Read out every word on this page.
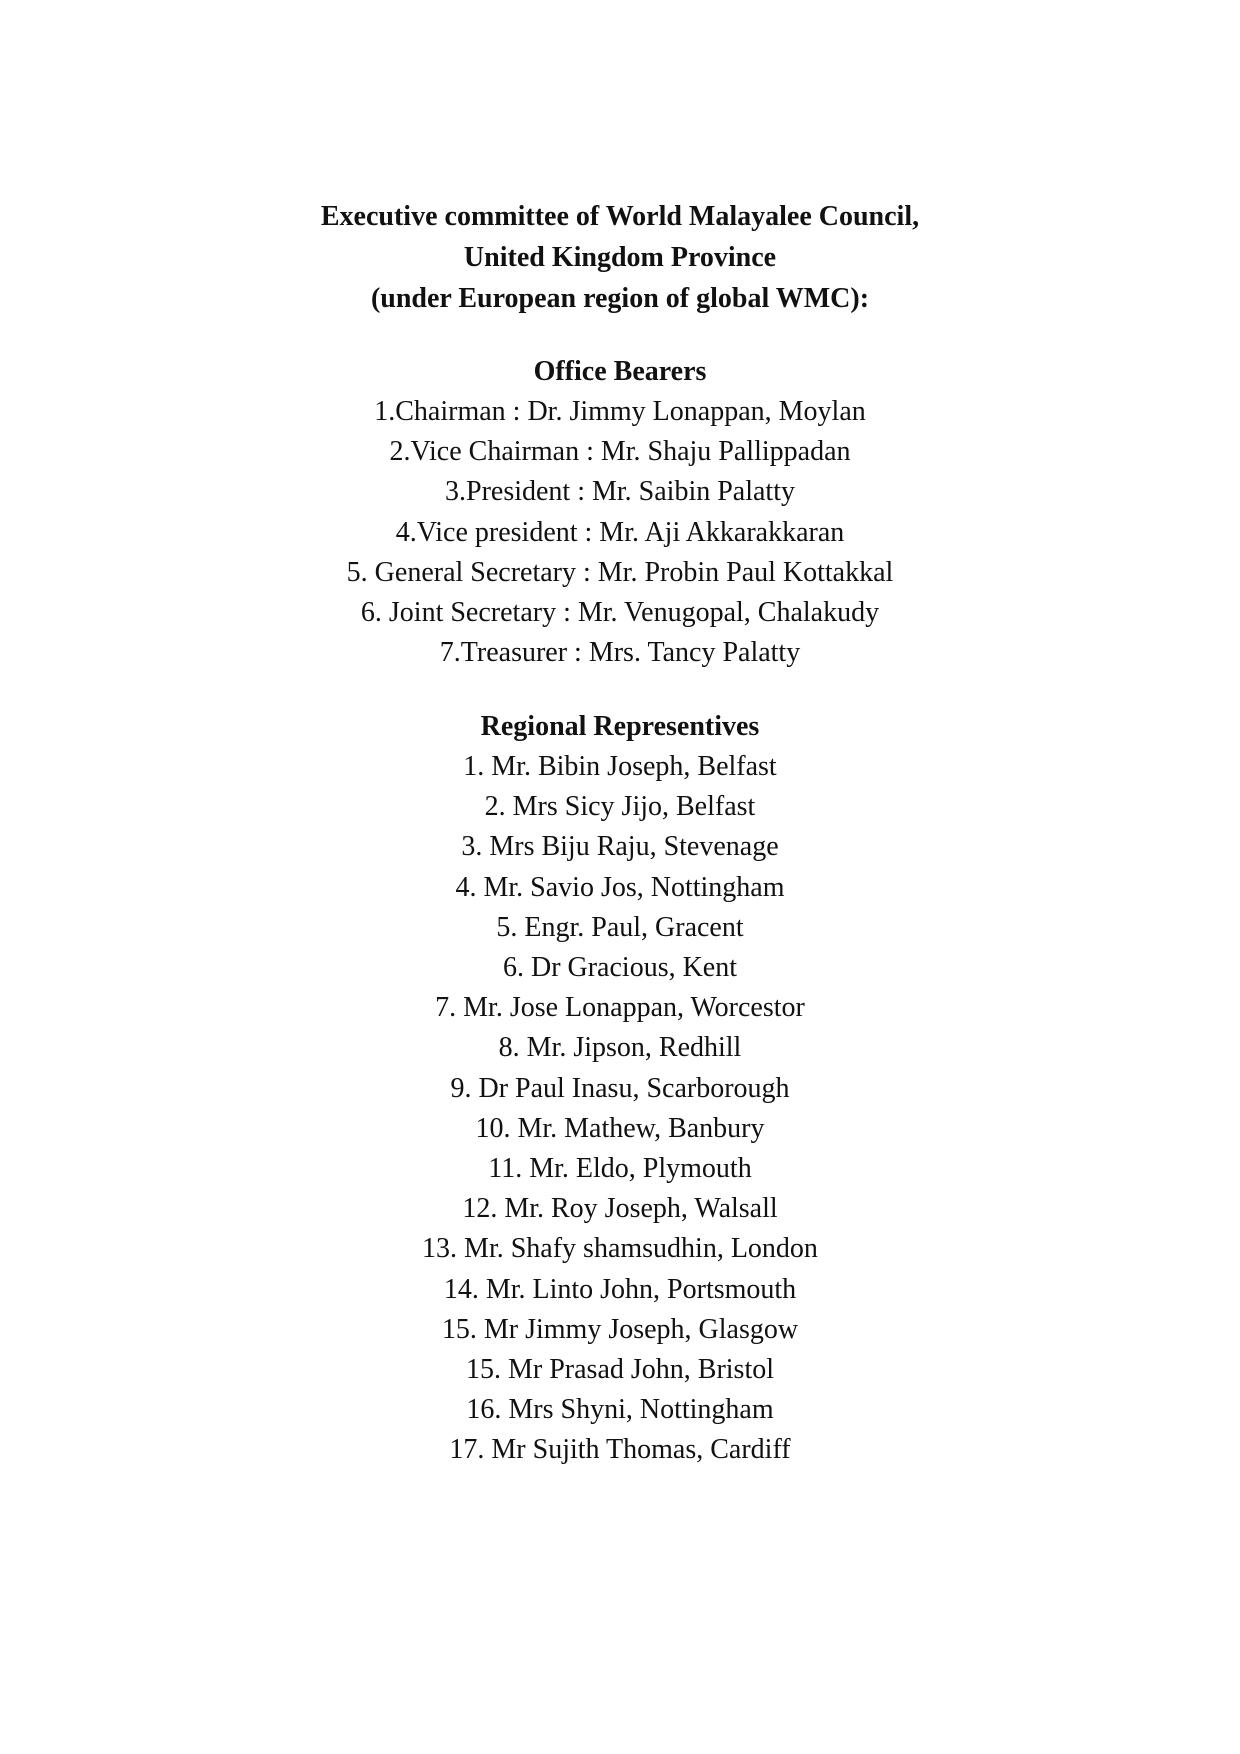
Executive committee of World Malayalee Council,

United Kingdom Province

(under European region of global WMC):

Office Bearers
1.Chairman : Dr. Jimmy Lonappan, Moylan
2.Vice Chairman : Mr. Shaju Pallippadan
3.President : Mr. Saibin Palatty
4.Vice president : Mr. Aji Akkarakkaran
5. General Secretary : Mr. Probin Paul Kottakkal
6. Joint Secretary : Mr. Venugopal, Chalakudy
7.Treasurer : Mrs. Tancy Palatty
Regional Representives
1. Mr. Bibin Joseph, Belfast
2. Mrs Sicy Jijo, Belfast
3. Mrs Biju Raju, Stevenage
4. Mr. Savio Jos, Nottingham
5. Engr. Paul, Gracent
6. Dr Gracious, Kent
7. Mr. Jose Lonappan, Worcestor
8. Mr. Jipson, Redhill
9. Dr Paul Inasu, Scarborough
10. Mr. Mathew, Banbury
11. Mr. Eldo, Plymouth
12. Mr. Roy Joseph, Walsall
13. Mr. Shafy shamsudhin, London
14. Mr. Linto John, Portsmouth
15. Mr Jimmy Joseph, Glasgow
15. Mr Prasad John, Bristol
16. Mrs Shyni, Nottingham
17. Mr Sujith Thomas, Cardiff
